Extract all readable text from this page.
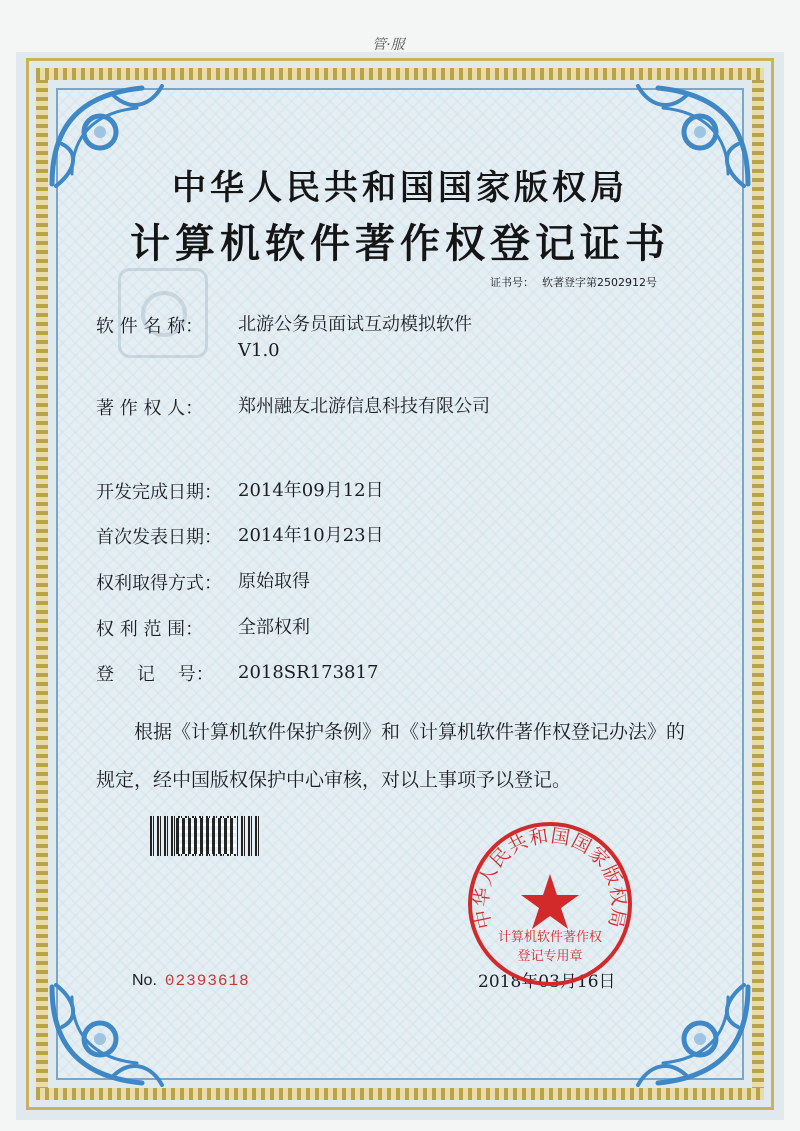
管·服
中华人民共和国国家版权局
计算机软件著作权登记证书
证书号： 软著登字第2502912号
软 件 名 称：	北游公务员面试互动模拟软件
V1.0
著 作 权 人：	郑州融友北游信息科技有限公司
开发完成日期： 2014年09月12日
首次发表日期： 2014年10月23日
权利取得方式： 原始取得
权 利 范 围：	全部权利
登    记    号：	2018SR173817

根据《计算机软件保护条例》和《计算机软件著作权登记办法》的

规定，经中国版权保护中心审核，对以上事项予以登记。

No. 02393618	2018年03月16日
中华人民共和国国家版权局
计算机软件著作权
登记专用章
